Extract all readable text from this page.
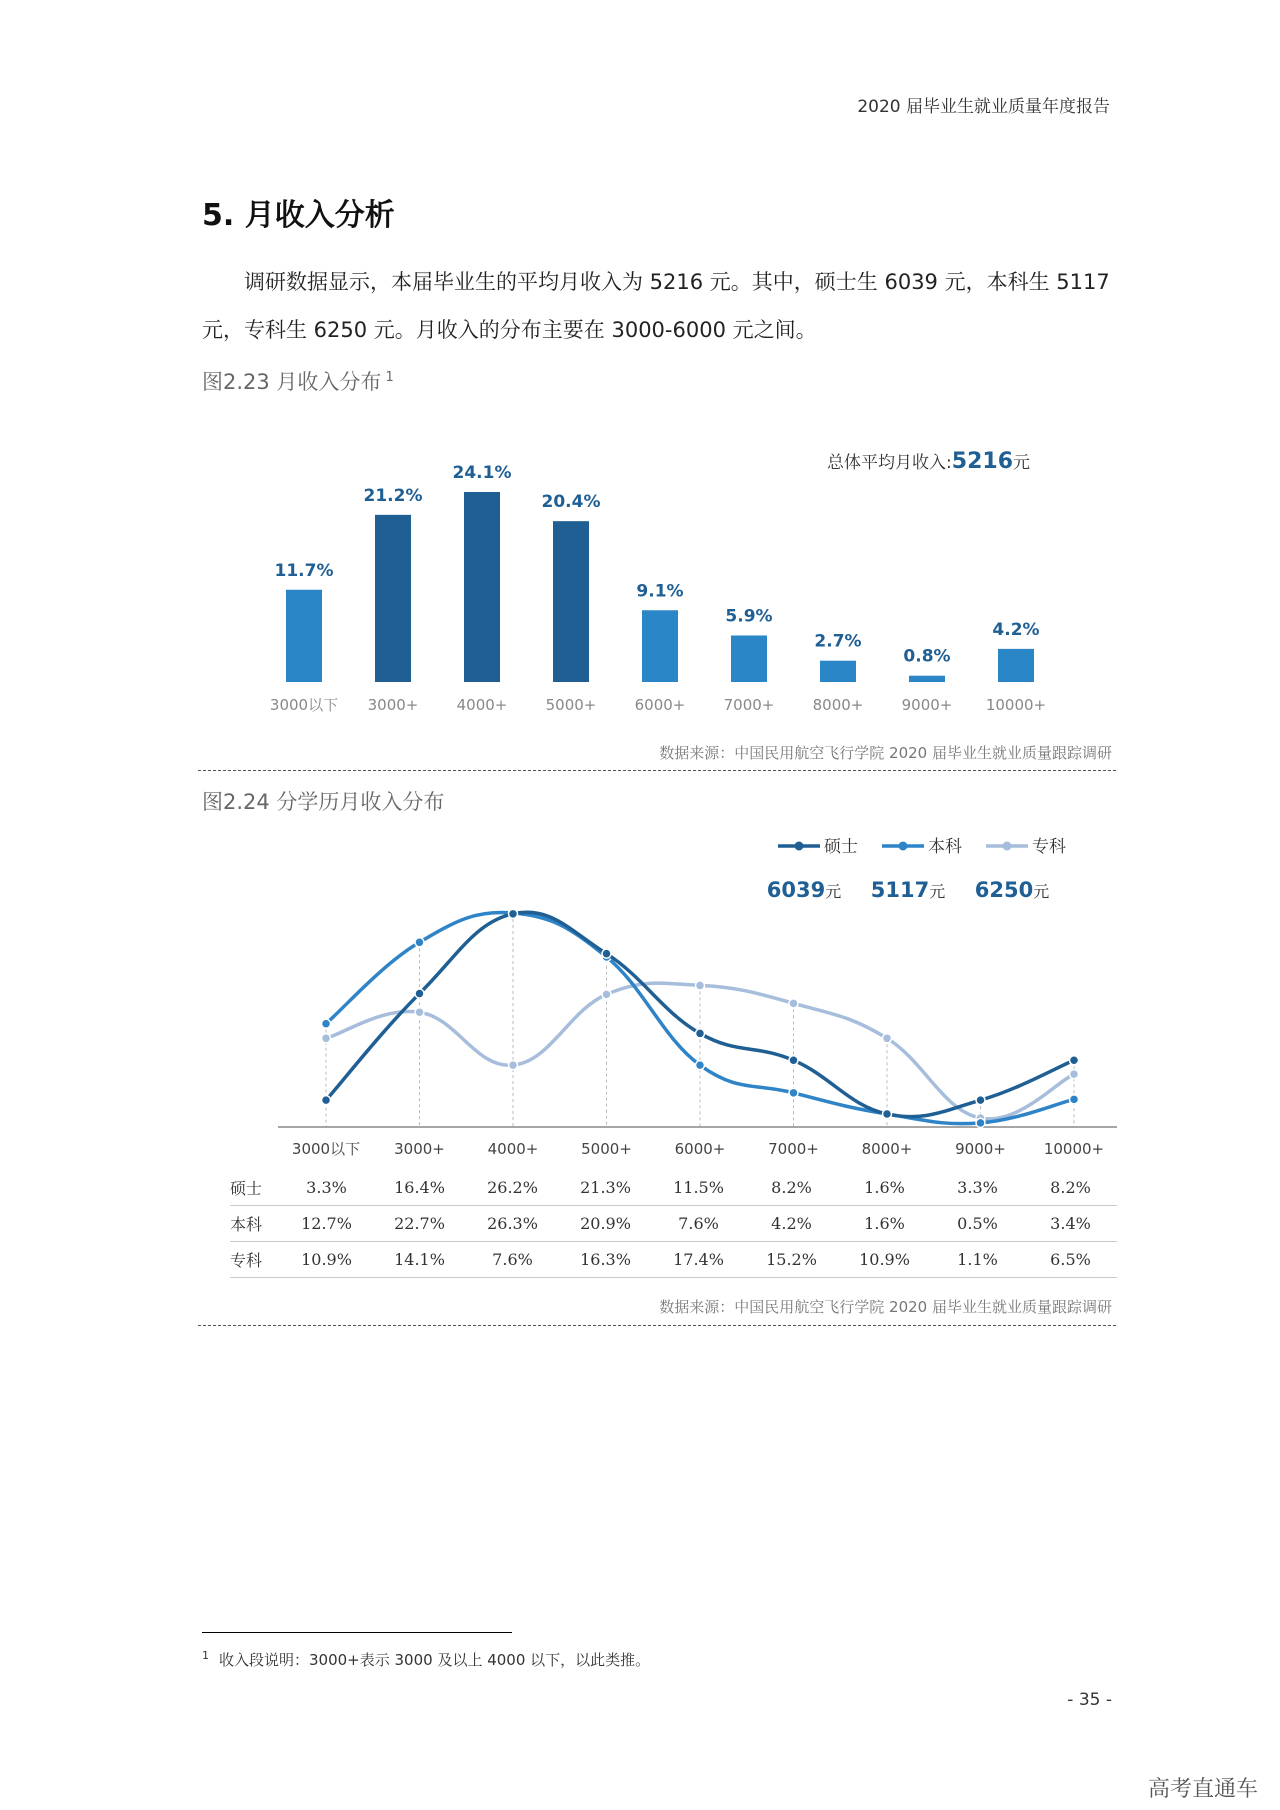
2020 届毕业生就业质量年度报告
5. 月收入分析
调研数据显示，本届毕业生的平均月收入为 5216 元。其中，硕士生 6039 元，本科生 5117 元，专科生 6250 元。月收入的分布主要在 3000-6000 元之间。
图2.23 月收入分布 $^1$
总体平均月收入:5216元
11.7%
3000以下
21.2%
3000+
24.1%
4000+
20.4%
5000+
9.1%
6000+
5.9%
7000+
2.7%
8000+
0.8%
9000+
4.2%
10000+
数据来源：中国民用航空飞行学院 2020 届毕业生就业质量跟踪调研
图2.24 分学历月收入分布
硕士
6039元
本科
5117元
专科
6250元
3000以下 3000+	4000+	5000+	6000+	7000+	8000+	9000+	10000+
硕士	3.3%	16.4%	26.2%	21.3%	11.5%	8.2%	1.6%	3.3%	8.2%
本科	12.7%	22.7%	26.3%	20.9%	7.6%	4.2%	1.6%	0.5%	3.4%
专科	10.9%	14.1%	7.6%	16.3%	17.4%	15.2%	10.9%	1.1%	6.5%
数据来源：中国民用航空飞行学院 2020 届毕业生就业质量跟踪调研
$^1$ 收入段说明：3000+表示 3000 及以上 4000 以下，以此类推。
- 35 -
高考直通车
